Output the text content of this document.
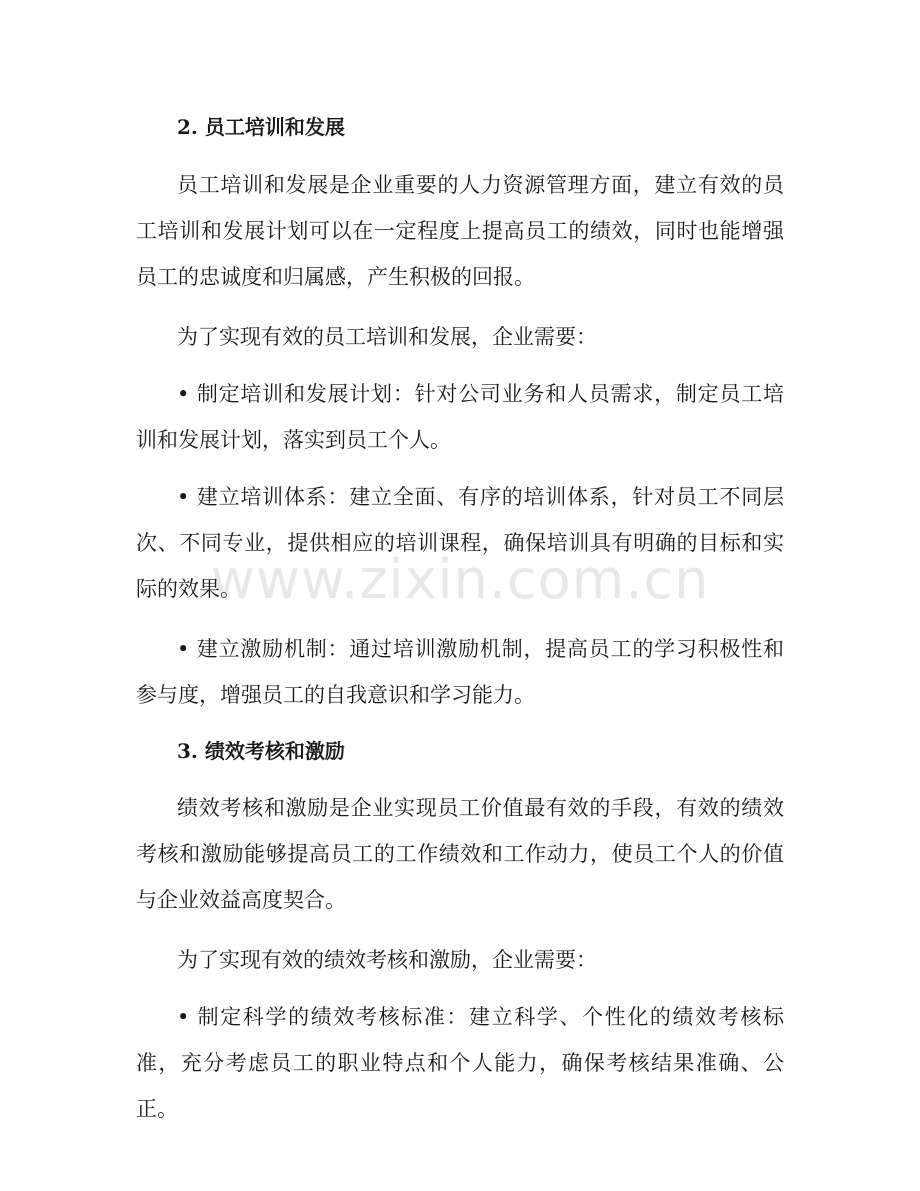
2. 员工培训和发展
员工培训和发展是企业重要的人力资源管理方面，建立有效的员工培训和发展计划可以在一定程度上提高员工的绩效，同时也能增强员工的忠诚度和归属感，产生积极的回报。
为了实现有效的员工培训和发展，企业需要：
• 制定培训和发展计划：针对公司业务和人员需求，制定员工培训和发展计划，落实到员工个人。
• 建立培训体系：建立全面、有序的培训体系，针对员工不同层次、不同专业，提供相应的培训课程，确保培训具有明确的目标和实际的效果。
• 建立激励机制：通过培训激励机制，提高员工的学习积极性和参与度，增强员工的自我意识和学习能力。
3. 绩效考核和激励
绩效考核和激励是企业实现员工价值最有效的手段，有效的绩效考核和激励能够提高员工的工作绩效和工作动力，使员工个人的价值与企业效益高度契合。
为了实现有效的绩效考核和激励，企业需要：
• 制定科学的绩效考核标准：建立科学、个性化的绩效考核标准，充分考虑员工的职业特点和个人能力，确保考核结果准确、公正。
www.zixin.com.cn
